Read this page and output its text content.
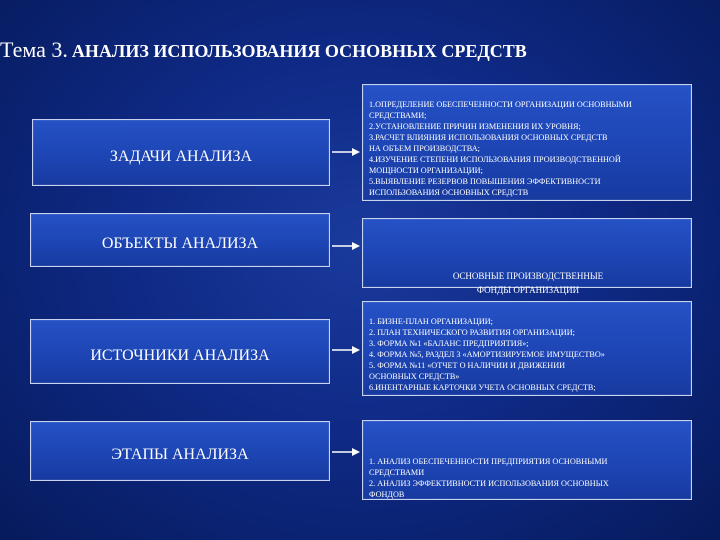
Тема 3. АНАЛИЗ ИСПОЛЬЗОВАНИЯ ОСНОВНЫХ СРЕДСТВ
ЗАДАЧИ АНАЛИЗА

1.ОПРЕДЕЛЕНИЕ ОБЕСПЕЧЕННОСТИ ОРГАНИЗАЦИИ ОСНОВНЫМИ
СРЕДСТВАМИ;
2.УСТАНОВЛЕНИЕ ПРИЧИН ИЗМЕНЕНИЯ ИХ УРОВНЯ;
3.РАСЧЕТ ВЛИЯНИЯ ИСПОЛЬЗОВАНИЯ ОСНОВНЫХ СРЕДСТВ
НА ОБЪЕМ ПРОИЗВОДСТВА;
4.ИЗУЧЕНИЕ СТЕПЕНИ ИСПОЛЬЗОВАНИЯ ПРОИЗВОДСТВЕННОЙ
МОЩНОСТИ ОРГАНИЗАЦИИ;
5.ВЫЯВЛЕНИЕ РЕЗЕРВОВ ПОВЫШЕНИЯ ЭФФЕКТИВНОСТИ
ИСПОЛЬЗОВАНИЯ ОСНОВНЫХ СРЕДСТВ

ОБЪЕКТЫ АНАЛИЗА

ОСНОВНЫЕ ПРОИЗВОДСТВЕННЫЕ
ФОНДЫ ОРГАНИЗАЦИИ

ИСТОЧНИКИ АНАЛИЗА

1. БИЗНЕ-ПЛАН ОРГАНИЗАЦИИ;
2. ПЛАН ТЕХНИЧЕСКОГО РАЗВИТИЯ ОРГАНИЗАЦИИ;
3. ФОРМА №1 «БАЛАНС ПРЕДПРИЯТИЯ»;
4. ФОРМА №5, РАЗДЕЛ 3 «АМОРТИЗИРУЕМОЕ ИМУЩЕСТВО»
5. ФОРМА №11 «ОТЧЕТ О НАЛИЧИИ И ДВИЖЕНИИ
ОСНОВНЫХ СРЕДСТВ»
6.ИНЕНТАРНЫЕ КАРТОЧКИ УЧЕТА ОСНОВНЫХ СРЕДСТВ;

ЭТАПЫ АНАЛИЗА	1. АНАЛИЗ ОБЕСПЕЧЕННОСТИ ПРЕДПРИЯТИЯ ОСНОВНЫМИ
СРЕДСТВАМИ
2. АНАЛИЗ ЭФФЕКТИВНОСТИ ИСПОЛЬЗОВАНИЯ ОСНОВНЫХ
ФОНДОВ
